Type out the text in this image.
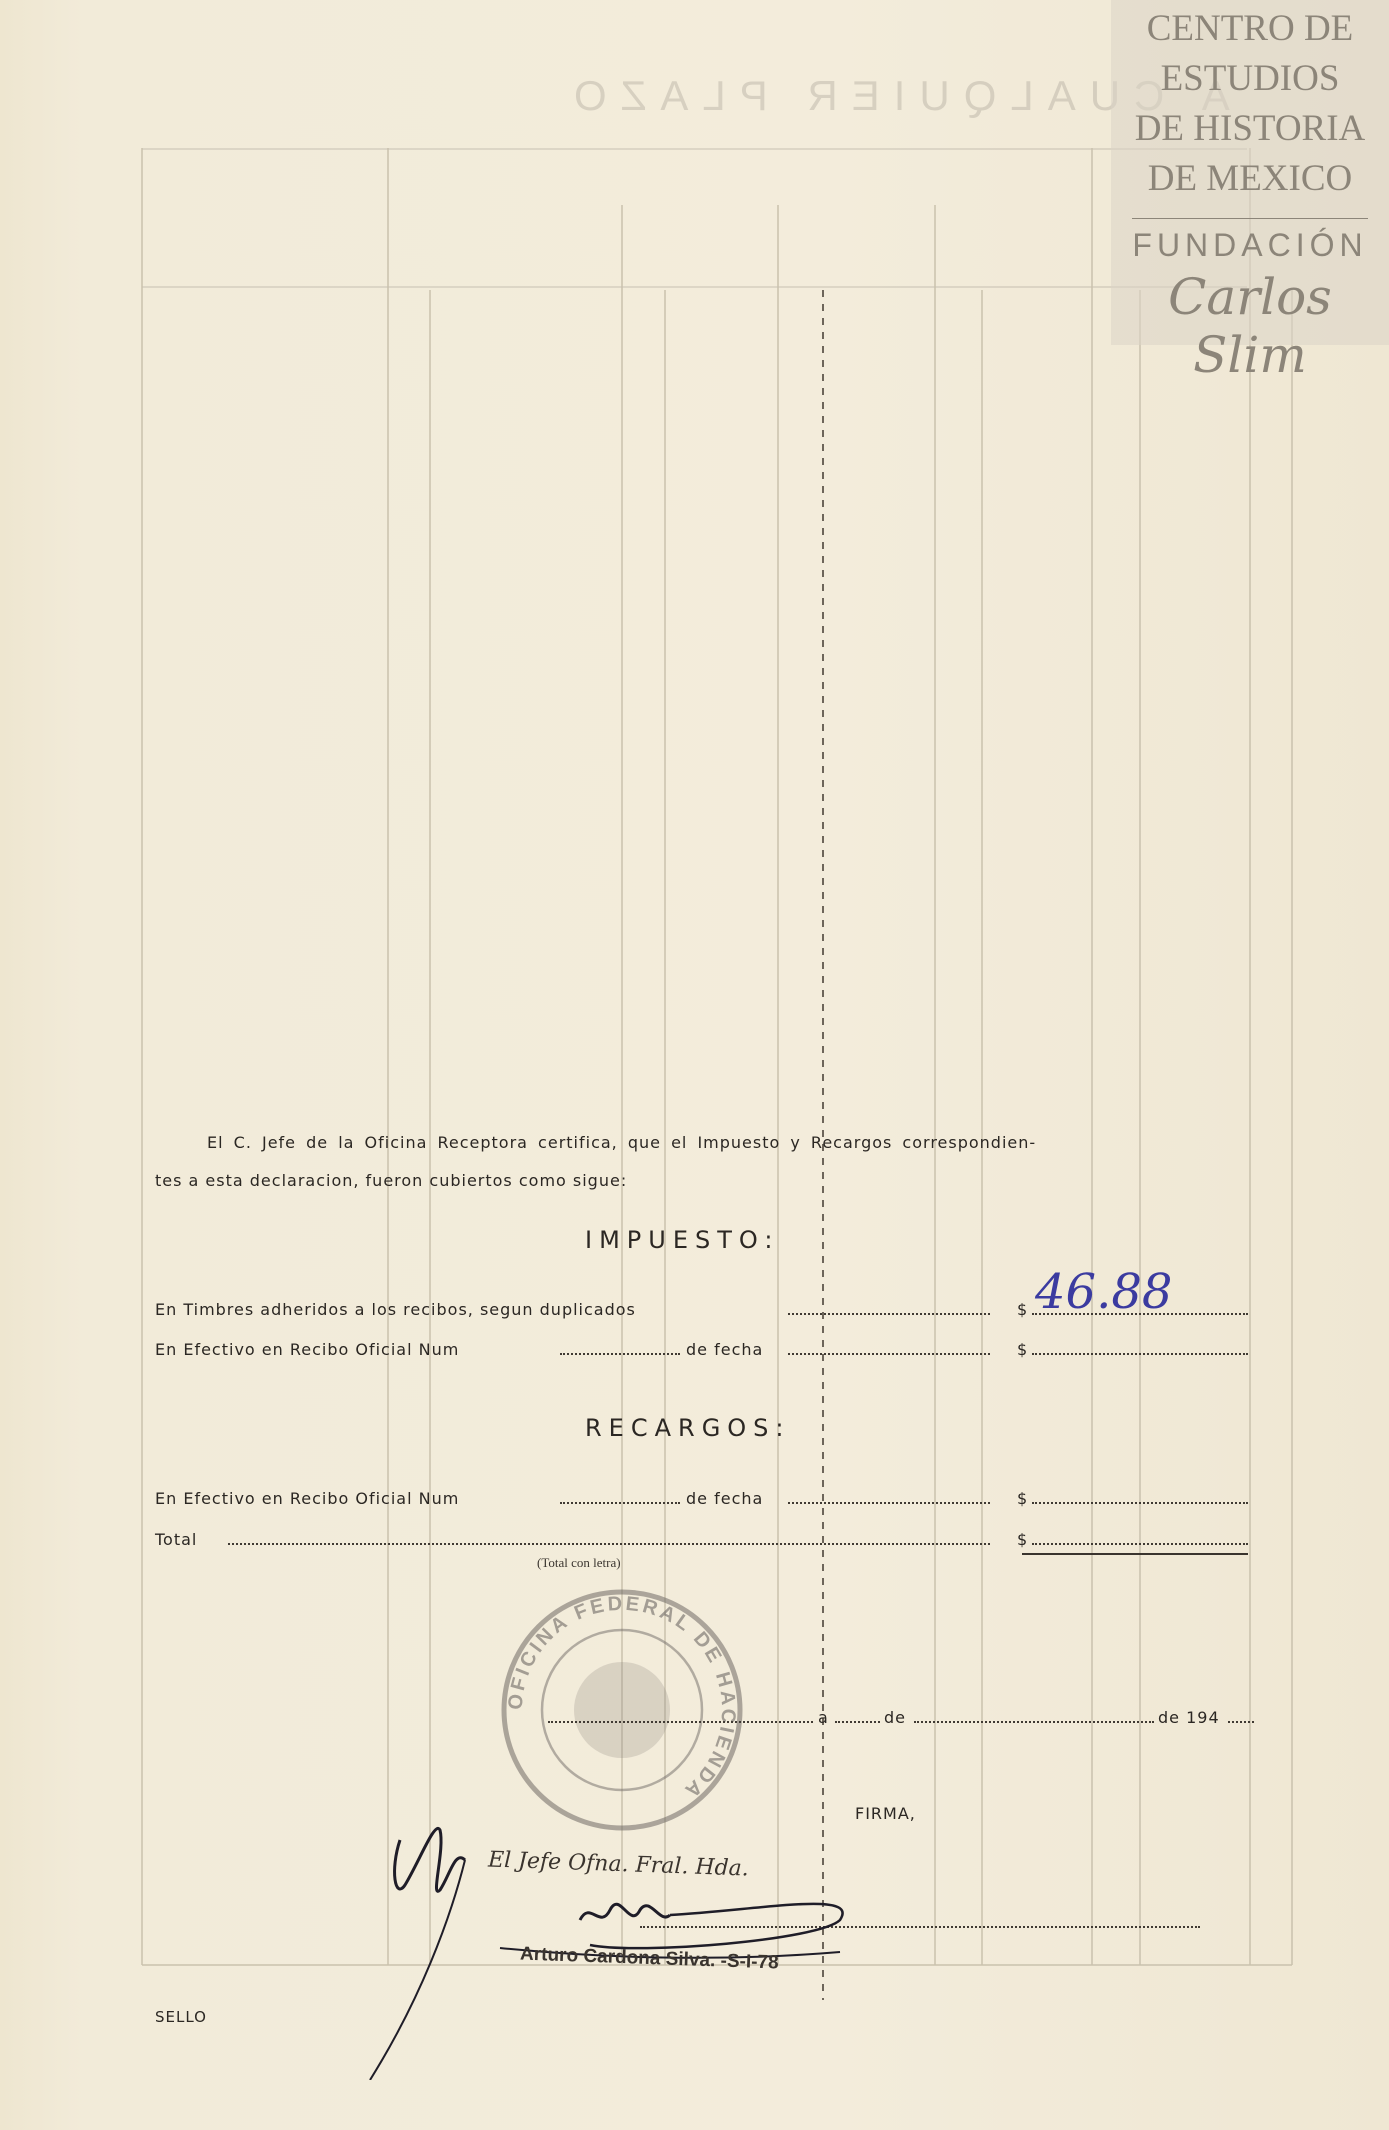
A CUALQUIER PLAZO
CENTRO DE
ESTUDIOS
DE HISTORIA
DE MEXICO
FUNDACIÓN
Carlos Slim
El C. Jefe de la Oficina Receptora certifica, que el Impuesto y Recargos correspondien-
tes a esta declaracion, fueron cubiertos como sigue:
IMPUESTO:
En Timbres adheridos a los recibos, segun duplicados	$ 46.88
En Efectivo en Recibo Oficial Num	de fecha	$
RECARGOS:
En Efectivo en Recibo Oficial Num	de fecha	$
Total	$
(Total con letra)
OFICINA FEDERAL DE HACIENDA
a	de	de 194
FIRMA,
El Jefe Ofna. Fral. Hda.
Arturo Cardona Silva. -S-I-78
SELLO
